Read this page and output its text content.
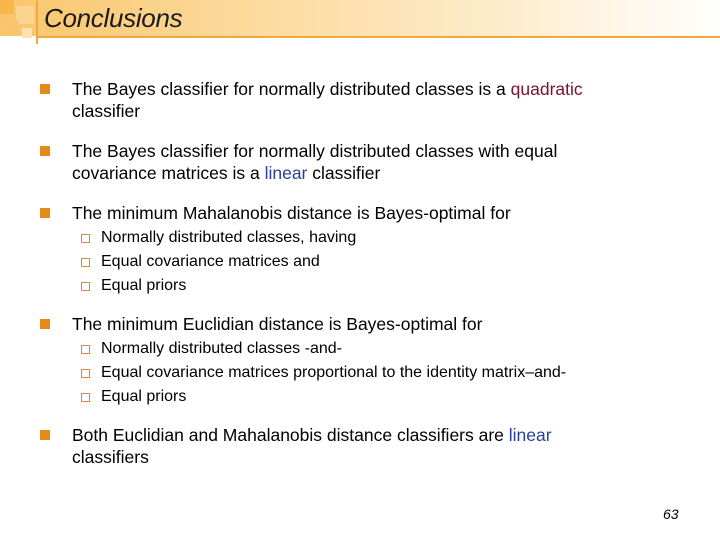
Conclusions
The Bayes classifier for normally distributed classes is a quadratic
classifier
The Bayes classifier for normally distributed classes with equal
covariance matrices is a linear classifier
The minimum Mahalanobis distance is Bayes-optimal for
Normally distributed classes, having
Equal covariance matrices and
Equal priors
The minimum Euclidian distance is Bayes-optimal for
Normally distributed classes -and-
Equal covariance matrices proportional to the identity matrix–and-
Equal priors
Both Euclidian and Mahalanobis distance classifiers are linear
classifiers
63
